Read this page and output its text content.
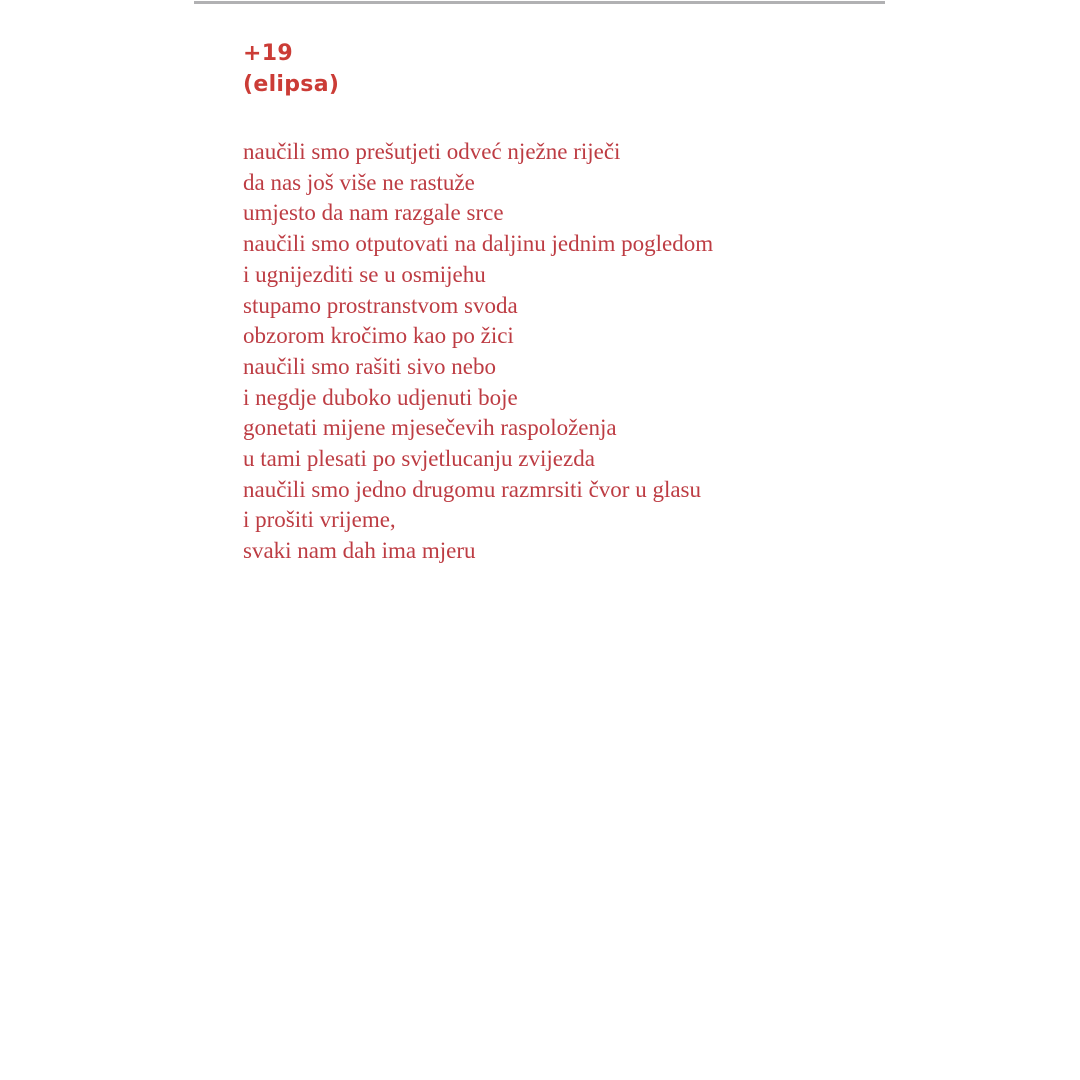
+19
(elipsa)
naučili smo prešutjeti odveć nježne riječi
da nas još više ne rastuže
umjesto da nam razgale srce
naučili smo otputovati na daljinu jednim pogledom
i ugnijezditi se u osmijehu
stupamo prostranstvom svoda
obzorom kročimo kao po žici
naučili smo rašiti sivo nebo
i negdje duboko udjenuti boje
gonetati mijene mjesečevih raspoloženja
u tami plesati po svjetlucanju zvijezda
naučili smo jedno drugomu razmrsiti čvor u glasu
i prošiti vrijeme,
svaki nam dah ima mjeru
